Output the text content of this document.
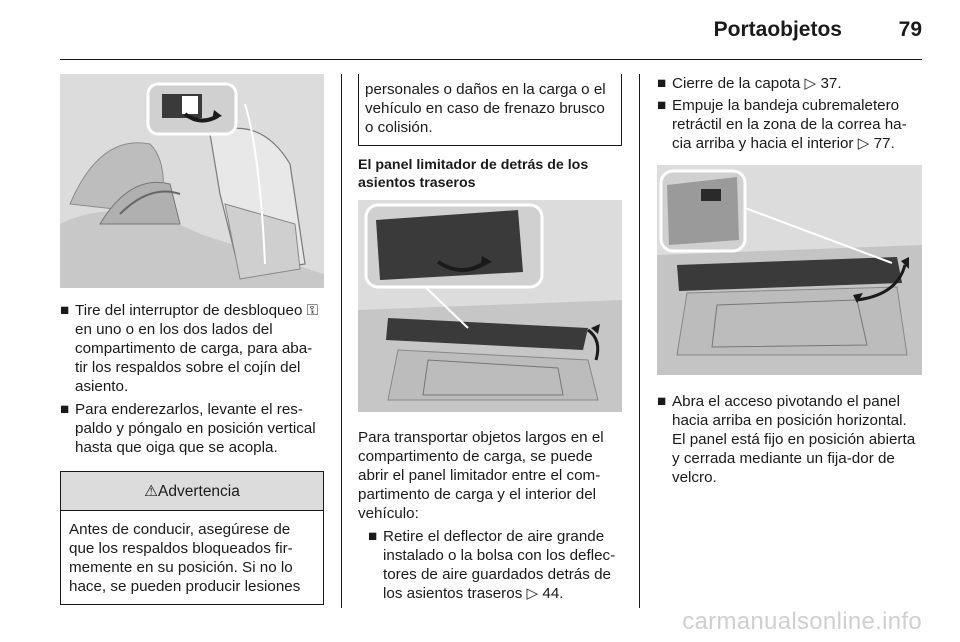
Portaobjetos	79
■ Tire del interruptor de desbloqueo ⚿ en uno o en los dos lados del compartimento de carga, para aba-tir los respaldos sobre el cojín del asiento.
■ Para enderezarlos, levante el res-paldo y póngalo en posición vertical hasta que oiga que se acopla.
⚠Advertencia
Antes de conducir, asegúrese de que los respaldos bloqueados fir-memente en su posición. Si no lo hace, se pueden producir lesiones
personales o daños en la carga o el vehículo en caso de frenazo brusco o colisión.
El panel limitador de detrás de los asientos traseros

Para transportar objetos largos en el compartimento de carga, se puede abrir el panel limitador entre el com-partimento de carga y el interior del vehículo:

■ Retire el deflector de aire grande instalado o la bolsa con los deflec-tores de aire guardados detrás de los asientos traseros ▷ 44.
■ Cierre de la capota ▷ 37.
■ Empuje la bandeja cubremaletero retráctil en la zona de la correa ha-cia arriba y hacia el interior ▷ 77.
■ Abra el acceso pivotando el panel hacia arriba en posición horizontal. El panel está fijo en posición abierta y cerrada mediante un fija-dor de velcro.
carmanualsonline.info
